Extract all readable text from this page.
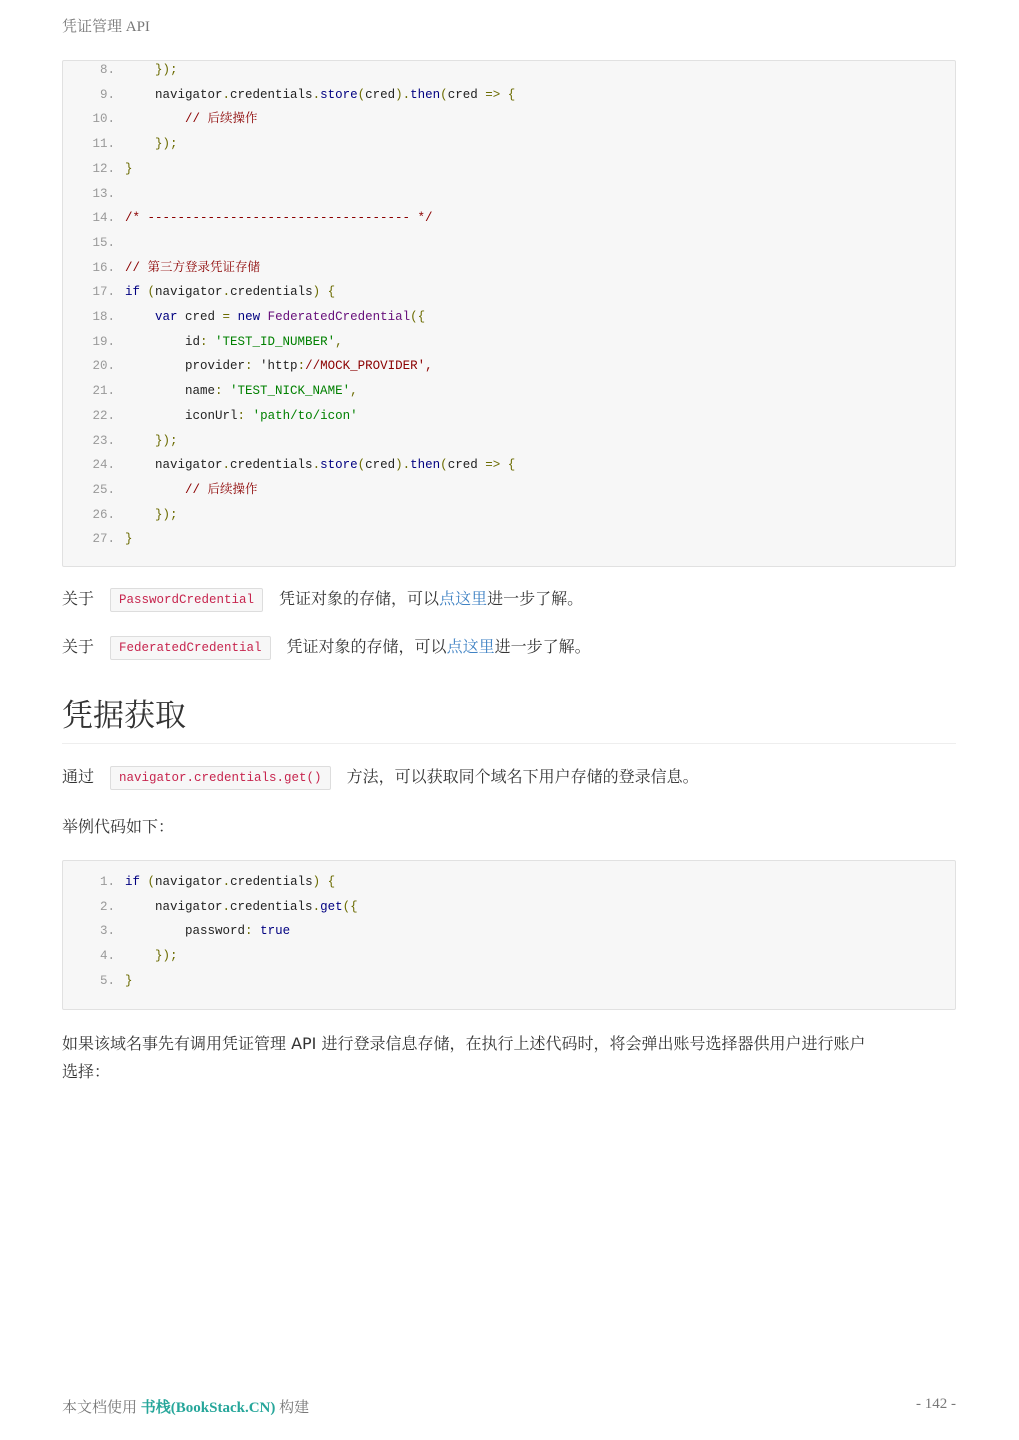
凭证管理 API
8.	});
9.    navigator.credentials.store(cred).then(cred => {
10.	// 后续操作
11.	});
12. }
13.
14. /* ----------------------------------- */
15.
16. // 第三方登录凭证存储
17. if (navigator.credentials) {
18.	var cred = new FederatedCredential({
19.        id: 'TEST_ID_NUMBER',
20.        provider: 'http://MOCK_PROVIDER',
21.        name: 'TEST_NICK_NAME',
22.        iconUrl: 'path/to/icon'
23.	});
24.    navigator.credentials.store(cred).then(cred => {
25.	// 后续操作
26.	});
27. }
关于 PasswordCredential 凭证对象的存储，可以点这里进一步了解。
关于 FederatedCredential 凭证对象的存储，可以点这里进一步了解。
凭据获取
通过 navigator.credentials.get() 方法，可以获取同个域名下用户存储的登录信息。
举例代码如下：
1. if (navigator.credentials) {
2.    navigator.credentials.get({
3.        password: true
4.	});
5. }
如果该域名事先有调用凭证管理 API 进行登录信息存储，在执行上述代码时，将会弹出账号选择器供用户进行账户
选择：
本文档使用 书栈(BookStack.CN) 构建	- 142 -
